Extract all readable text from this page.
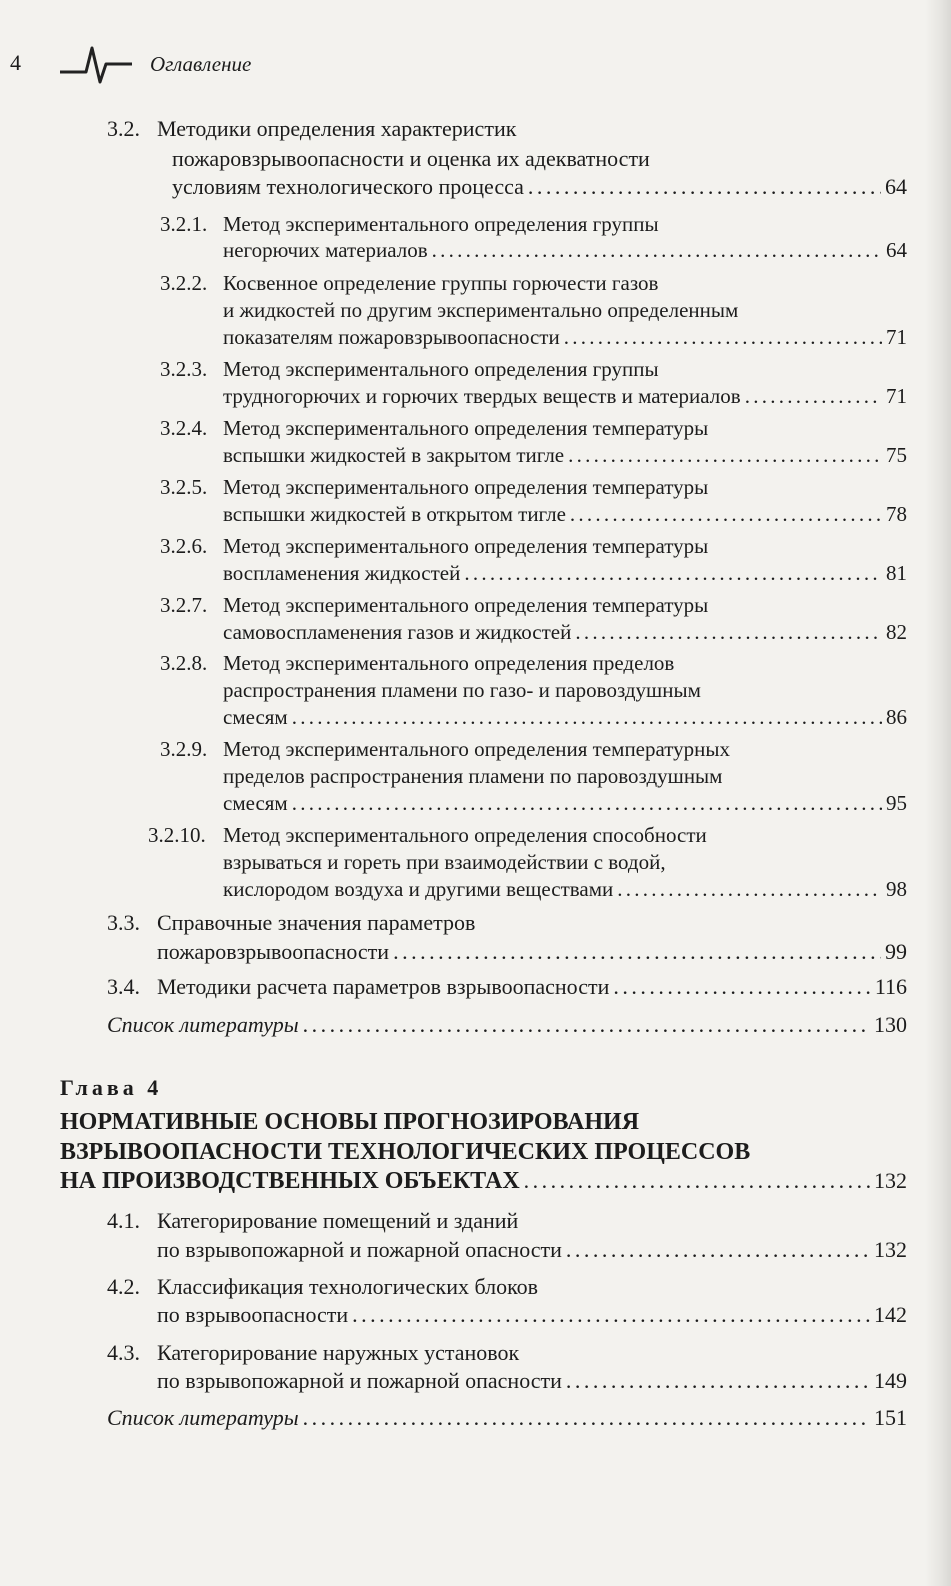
4	Оглавление
3.2. Методики определения характеристик
пожаровзрывоопасности и оценка их адекватности
условиям технологического процесса . . .	64
3.2.1. Метод экспериментального определения группы
негорючих материалов . . .	64
3.2.2. Косвенное определение группы горючести газов
и жидкостей по другим экспериментально определенным
показателям пожаровзрывоопасности . . .	71
3.2.3. Метод экспериментального определения группы
трудногорючих и горючих твердых веществ и материалов . . .	71
3.2.4. Метод экспериментального определения температуры
вспышки жидкостей в закрытом тигле . . .	75
3.2.5. Метод экспериментального определения температуры
вспышки жидкостей в открытом тигле . . .	78
3.2.6. Метод экспериментального определения температуры
воспламенения жидкостей . . .	81
3.2.7. Метод экспериментального определения температуры
самовоспламенения газов и жидкостей . . .	82
3.2.8. Метод экспериментального определения пределов
распространения пламени по газо- и паровоздушным
смесям . . .	86
3.2.9. Метод экспериментального определения температурных
пределов распространения пламени по паровоздушным
смесям . . .	95
3.2.10. Метод экспериментального определения способности
взрываться и гореть при взаимодействии с водой,
кислородом воздуха и другими веществами . . .	98
3.3. Справочные значения параметров
пожаровзрывоопасности . . .	99
3.4. Методики расчета параметров взрывоопасности . . .	116
Список литературы . . .	130
Глава 4
НОРМАТИВНЫЕ ОСНОВЫ ПРОГНОЗИРОВАНИЯ
ВЗРЫВООПАСНОСТИ ТЕХНОЛОГИЧЕСКИХ ПРОЦЕССОВ
НА ПРОИЗВОДСТВЕННЫХ ОБЪЕКТАХ . . .	132
4.1. Категорирование помещений и зданий
по взрывопожарной и пожарной опасности . . .	132
4.2. Классификация технологических блоков
по взрывоопасности . . .	142
4.3. Категорирование наружных установок
по взрывопожарной и пожарной опасности . . .	149
Список литературы . . .	151
